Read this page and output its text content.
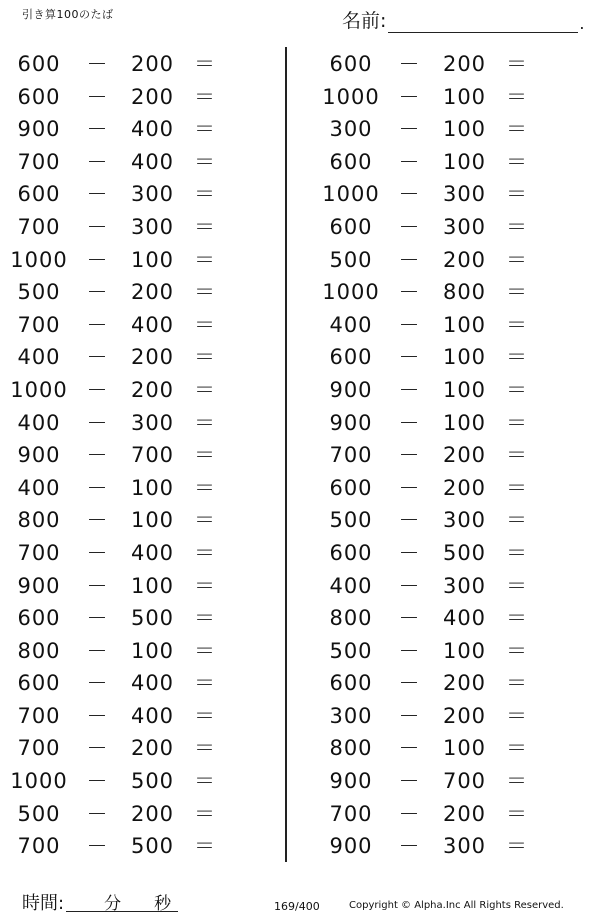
引き算100のたば	名前:	.
600	－	200 ＝
600	－	200 ＝
900	－	400 ＝
700	－	400 ＝
600	－	300 ＝
700	－	300 ＝
1000 －	100 ＝
500	－	200 ＝
700	－	400 ＝
400	－	200 ＝
1000 －	200 ＝
400	－	300 ＝
900	－	700 ＝
400	－	100 ＝
800	－	100 ＝
700	－	400 ＝
900	－	100 ＝
600	－	500 ＝
800	－	100 ＝
600	－	400 ＝
700	－	400 ＝
700	－	200 ＝
1000 －	500 ＝
500	－	200 ＝
700	－	500 ＝
600	－	200 ＝
1000 －	100 ＝
300	－	100 ＝
600	－	100 ＝
1000 －	300 ＝
600	－	300 ＝
500	－	200 ＝
1000 －	800 ＝
400	－	100 ＝
600	－	100 ＝
900	－	100 ＝
900	－	100 ＝
700	－	200 ＝
600	－	200 ＝
500	－	300 ＝
600	－	500 ＝
400	－	300 ＝
800	－	400 ＝
500	－	100 ＝
600	－	200 ＝
300	－	200 ＝
800	－	100 ＝
900	－	700 ＝
700	－	200 ＝
900	－	300 ＝
時間: 分 秒	169/400	Copyright © Alpha.Inc All Rights Reserved.
